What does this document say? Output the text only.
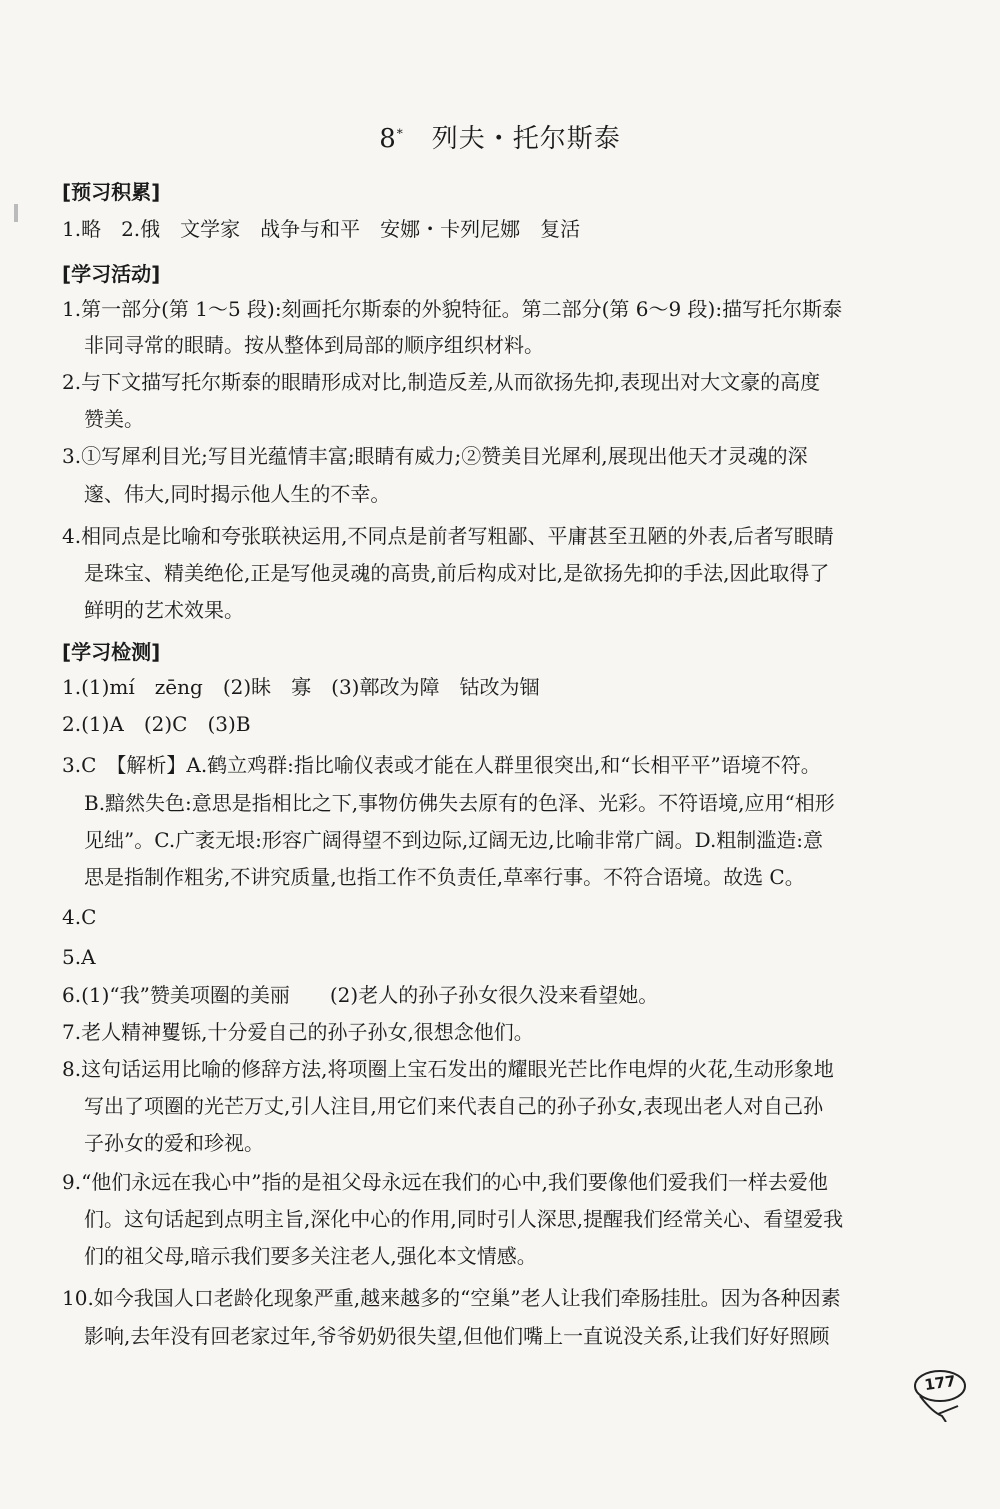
8* 列夫・托尔斯泰
[预习积累]
1.略　2.俄　文学家　战争与和平　安娜・卡列尼娜　复活
[学习活动]
1.第一部分(第 1～5 段):刻画托尔斯泰的外貌特征。第二部分(第 6～9 段):描写托尔斯泰
非同寻常的眼睛。按从整体到局部的顺序组织材料。
2.与下文描写托尔斯泰的眼睛形成对比,制造反差,从而欲扬先抑,表现出对大文豪的高度
赞美。
3.①写犀利目光;写目光蕴情丰富;眼睛有威力;②赞美目光犀利,展现出他天才灵魂的深
邃、伟大,同时揭示他人生的不幸。
4.相同点是比喻和夸张联袂运用,不同点是前者写粗鄙、平庸甚至丑陋的外表,后者写眼睛
是珠宝、精美绝伦,正是写他灵魂的高贵,前后构成对比,是欲扬先抑的手法,因此取得了
鲜明的艺术效果。
[学习检测]
1.(1)mí　zēng　(2)眛　寡　(3)鄣改为障　钴改为锢
2.(1)A　(2)C　(3)B
3.C　【解析】A.鹤立鸡群:指比喻仪表或才能在人群里很突出,和“长相平平”语境不符。
B.黯然失色:意思是指相比之下,事物仿佛失去原有的色泽、光彩。不符语境,应用“相形
见绌”。C.广袤无垠:形容广阔得望不到边际,辽阔无边,比喻非常广阔。D.粗制滥造:意
思是指制作粗劣,不讲究质量,也指工作不负责任,草率行事。不符合语境。故选 C。
4.C
5.A
6.(1)“我”赞美项圈的美丽　　(2)老人的孙子孙女很久没来看望她。
7.老人精神矍铄,十分爱自己的孙子孙女,很想念他们。
8.这句话运用比喻的修辞方法,将项圈上宝石发出的耀眼光芒比作电焊的火花,生动形象地
写出了项圈的光芒万丈,引人注目,用它们来代表自己的孙子孙女,表现出老人对自己孙
子孙女的爱和珍视。
9.“他们永远在我心中”指的是祖父母永远在我们的心中,我们要像他们爱我们一样去爱他
们。这句话起到点明主旨,深化中心的作用,同时引人深思,提醒我们经常关心、看望爱我
们的祖父母,暗示我们要多关注老人,强化本文情感。
10.如今我国人口老龄化现象严重,越来越多的“空巢”老人让我们牵肠挂肚。因为各种因素
影响,去年没有回老家过年,爷爷奶奶很失望,但他们嘴上一直说没关系,让我们好好照顾
177
